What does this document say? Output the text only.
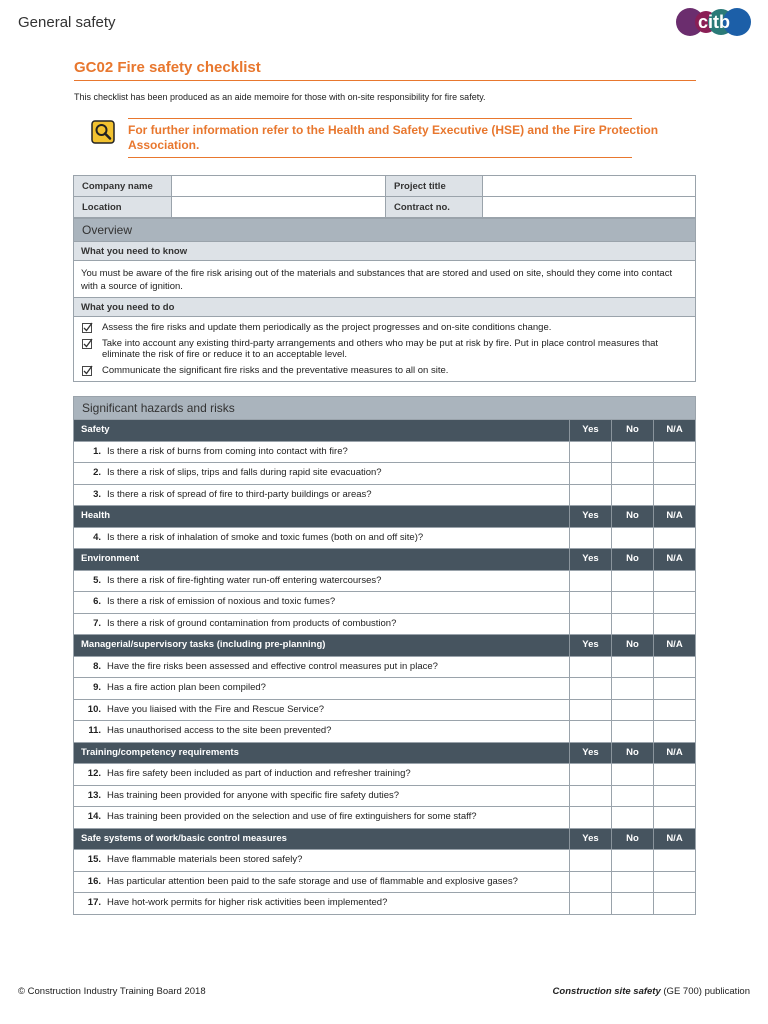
General safety	citb
GC02 Fire safety checklist
This checklist has been produced as an aide memoire for those with on-site responsibility for fire safety.
For further information refer to the Health and Safety Executive (HSE) and the Fire Protection Association.
Company name		Project title	
Location		Contract no.	
Overview
What you need to know
You must be aware of the fire risk arising out of the materials and substances that are stored and used on site, should they come into contact with a source of ignition.
What you need to do
Assess the fire risks and update them periodically as the project progresses and on-site conditions change.
Take into account any existing third-party arrangements and others who may be put at risk by fire. Put in place control measures that eliminate the risk of fire or reduce it to an acceptable level.
Communicate the significant fire risks and the preventative measures to all on site.
Significant hazards and risks
Safety	Yes	No	N/A
1. Is there a risk of burns from coming into contact with fire?
2. Is there a risk of slips, trips and falls during rapid site evacuation?
3. Is there a risk of spread of fire to third-party buildings or areas?
Health	Yes	No	N/A
4. Is there a risk of inhalation of smoke and toxic fumes (both on and off site)?
Environment	Yes	No	N/A
5. Is there a risk of fire-fighting water run-off entering watercourses?
6. Is there a risk of emission of noxious and toxic fumes?
7. Is there a risk of ground contamination from products of combustion?
Managerial/supervisory tasks (including pre-planning)	Yes	No	N/A
8. Have the fire risks been assessed and effective control measures put in place?
9. Has a fire action plan been compiled?
10. Have you liaised with the Fire and Rescue Service?
11. Has unauthorised access to the site been prevented?
Training/competency requirements	Yes	No	N/A
12. Has fire safety been included as part of induction and refresher training?
13. Has training been provided for anyone with specific fire safety duties?
14. Has training been provided on the selection and use of fire extinguishers for some staff?
Safe systems of work/basic control measures	Yes	No	N/A
15. Have flammable materials been stored safely?
16. Has particular attention been paid to the safe storage and use of flammable and explosive gases?
17. Have hot-work permits for higher risk activities been implemented?
© Construction Industry Training Board 2018	Construction site safety (GE 700) publication
